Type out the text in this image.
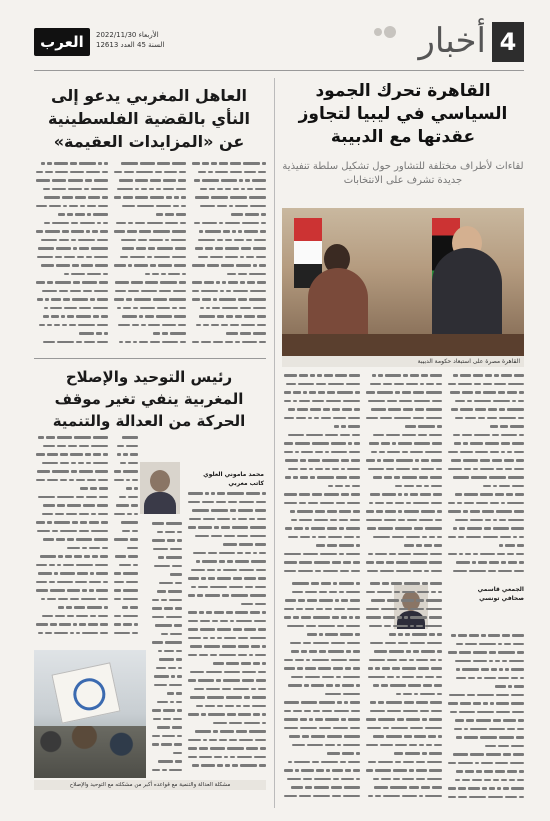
4
أخبار
العرب	الأربعاء 2022/11/30
السنة 45 العدد 12613
القاهرة تحرك الجمود السياسي في ليبيا لتجاوز عقدتها مع الدبيبة
لقاءات لأطراف مختلفة للتشاور حول تشكيل سلطة تنفيذية جديدة تشرف على الانتخابات
القاهرة مصرة على استبعاد حكومة الدبيبة
العاهل المغربي يدعو إلى النأي بالقضية الفلسطينية عن «المزايدات العقيمة»
رئيس التوحيد والإصلاح المغربية ينفي تغير موقف الحركة من العدالة والتنمية
محمد ماموني العلوي
كاتب مغربي
الجمعي قاسمي
صحافي تونسي
مشكلة العدالة والتنمية مع قواعده أكبر من مشكلته مع التوحيد والإصلاح
